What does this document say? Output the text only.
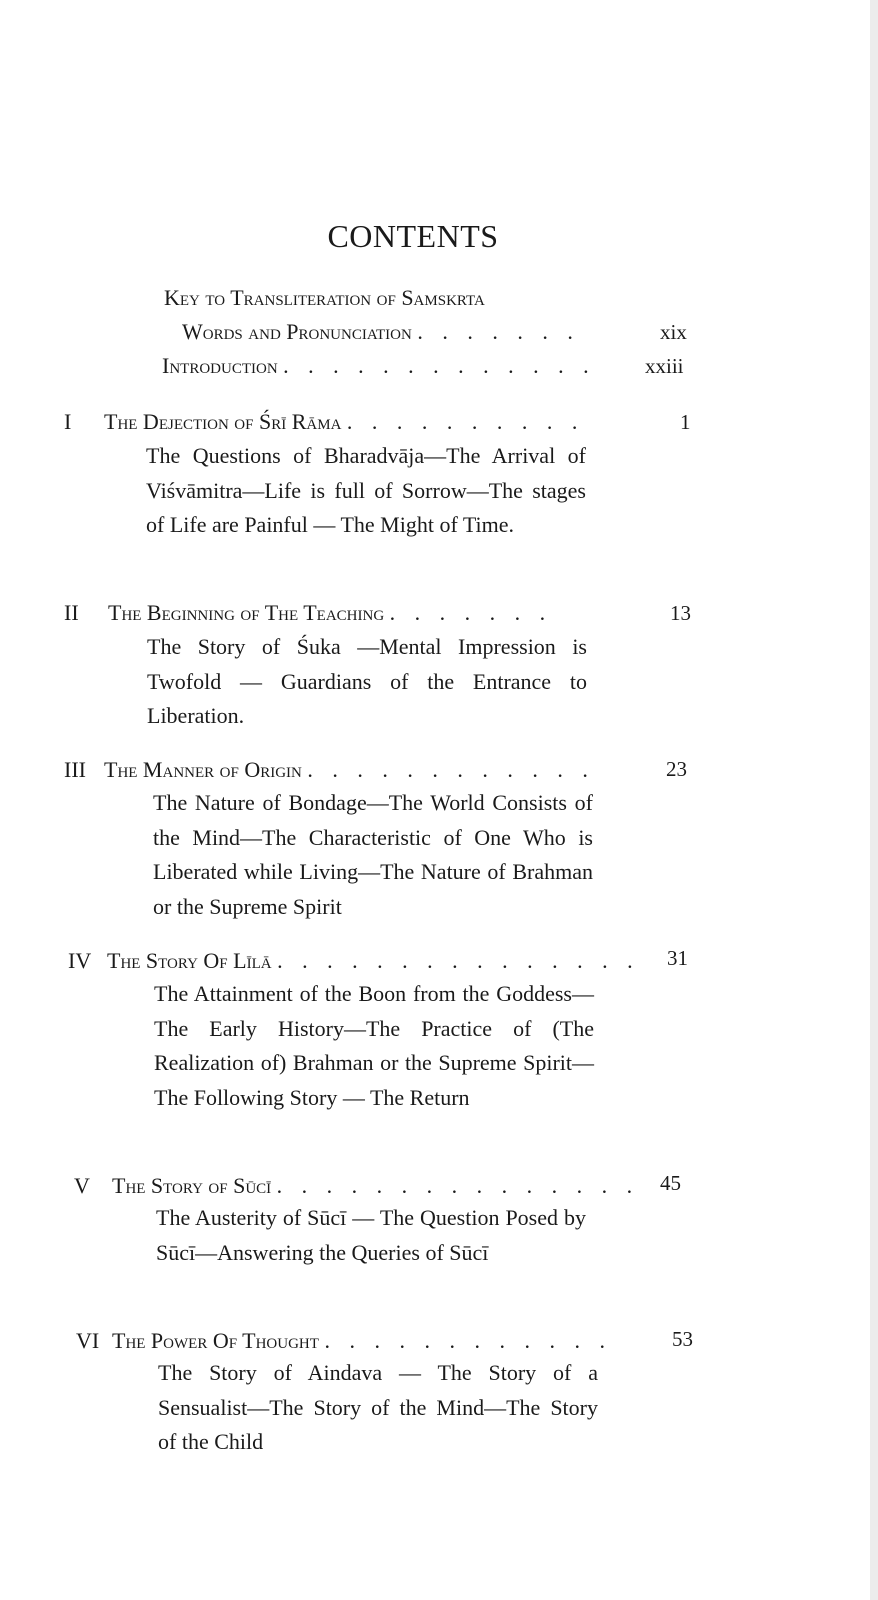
CONTENTS
Key to Transliteration of Samskrta
Words and Pronunciation . . . . . . .	xix
Introduction . . . . . . . . . . . . . xxiii
I The Dejection of Śrī Rāma . . . . . . . . . .	1
The Questions of Bharadvāja—The Arrival of Viśvāmitra—Life is full of Sorrow—The stages of Life are Painful — The Might of Time.
II The Beginning of The Teaching . . . . . . .	13
The Story of Śuka —Mental Impression is Twofold — Guardians of the Entrance to Liberation.
III The Manner of Origin . . . . . . . . . . . .	23
The Nature of Bondage—The World Consists of the Mind—The Characteristic of One Who is Liberated while Living—The Nature of Brahman or the Supreme Spirit
IV The Story Of Līlā . . . . . . . . . . . . . . . 31
The Attainment of the Boon from the Goddess—The Early History—The Practice of (The Realization of) Brahman or the Supreme Spirit—The Following Story — The Return
V The Story of Sūcī . . . . . . . . . . . . . . . 45
The Austerity of Sūcī — The Question Posed by Sūcī—Answering the Queries of Sūcī
VI The Power Of Thought . . . . . . . . . . . .	53
The Story of Aindava — The Story of a Sensualist—The Story of the Mind—The Story of the Child
